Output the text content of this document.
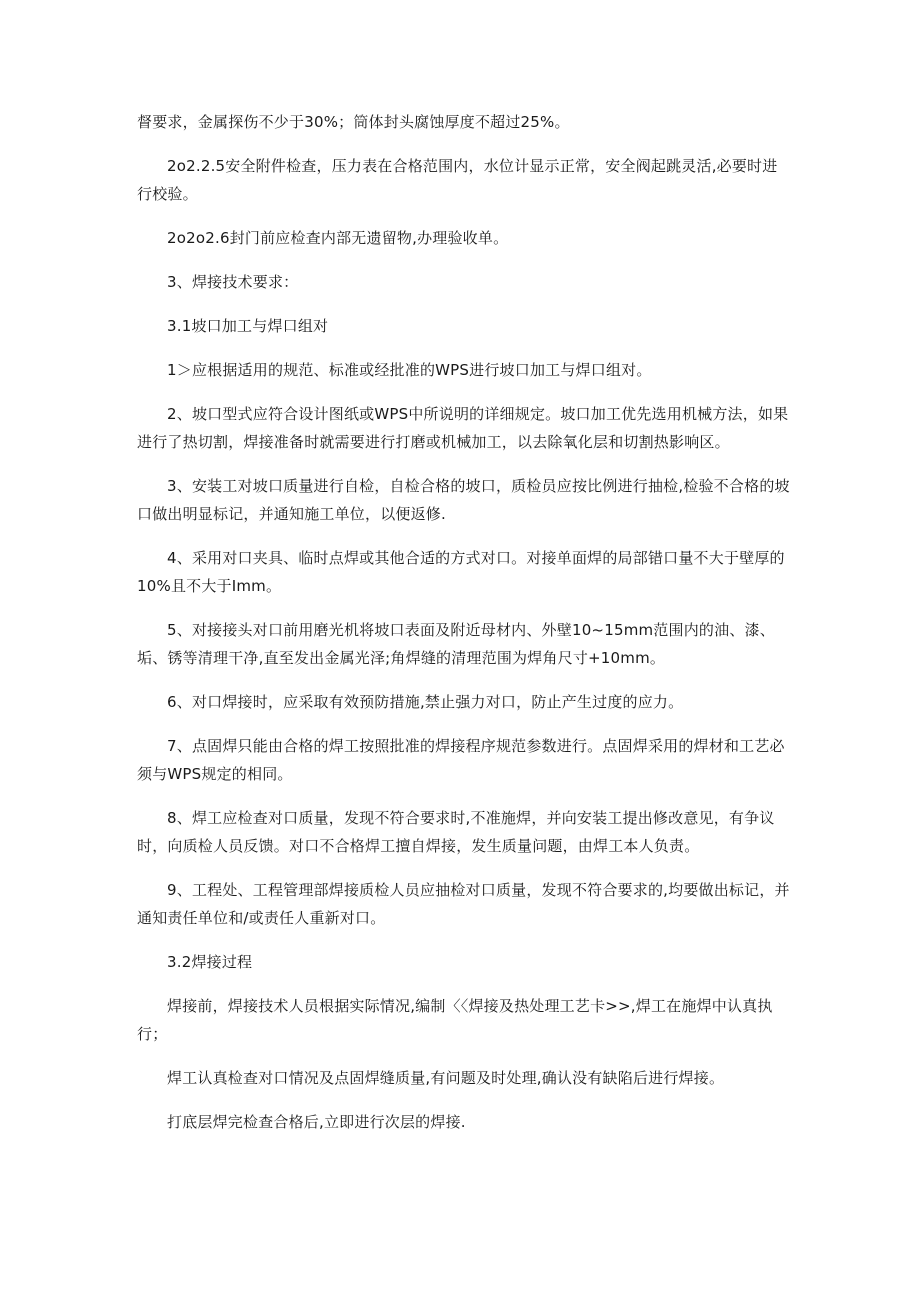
督要求，金属探伤不少于30%；筒体封头腐蚀厚度不超过25%。

2o2.2.5安全附件检查，压力表在合格范围内，水位计显示正常，安全阀起跳灵活,必要时进行校验。

2o2o2.6封门前应检查内部无遗留物,办理验收单。

3、焊接技术要求：

3.1坡口加工与焊口组对

1＞应根据适用的规范、标准或经批准的WPS进行坡口加工与焊口组对。

2、坡口型式应符合设计图纸或WPS中所说明的详细规定。坡口加工优先选用机械方法，如果进行了热切割，焊接准备时就需要进行打磨或机械加工，以去除氧化层和切割热影响区。

3、安装工对坡口质量进行自检，自检合格的坡口，质检员应按比例进行抽检,检验不合格的坡口做出明显标记，并通知施工单位，以便返修.

4、采用对口夹具、临时点焊或其他合适的方式对口。对接单面焊的局部错口量不大于壁厚的10%且不大于Imm。

5、对接接头对口前用磨光机将坡口表面及附近母材内、外壁10~15mm范围内的油、漆、垢、锈等清理干净,直至发出金属光泽;角焊缝的清理范围为焊角尺寸+10mm。

6、对口焊接时，应采取有效预防措施,禁止强力对口，防止产生过度的应力。

7、点固焊只能由合格的焊工按照批准的焊接程序规范参数进行。点固焊采用的焊材和工艺必须与WPS规定的相同。

8、焊工应检查对口质量，发现不符合要求时,不准施焊，并向安装工提出修改意见，有争议时，向质检人员反馈。对口不合格焊工擅自焊接，发生质量问题，由焊工本人负责。

9、工程处、工程管理部焊接质检人员应抽检对口质量，发现不符合要求的,均要做出标记，并通知责任单位和/或责任人重新对口。

3.2焊接过程

焊接前，焊接技术人员根据实际情况,编制〈〈焊接及热处理工艺卡>>,焊工在施焊中认真执行；

焊工认真检查对口情况及点固焊缝质量,有问题及时处理,确认没有缺陷后进行焊接。

打底层焊完检查合格后,立即进行次层的焊接.
